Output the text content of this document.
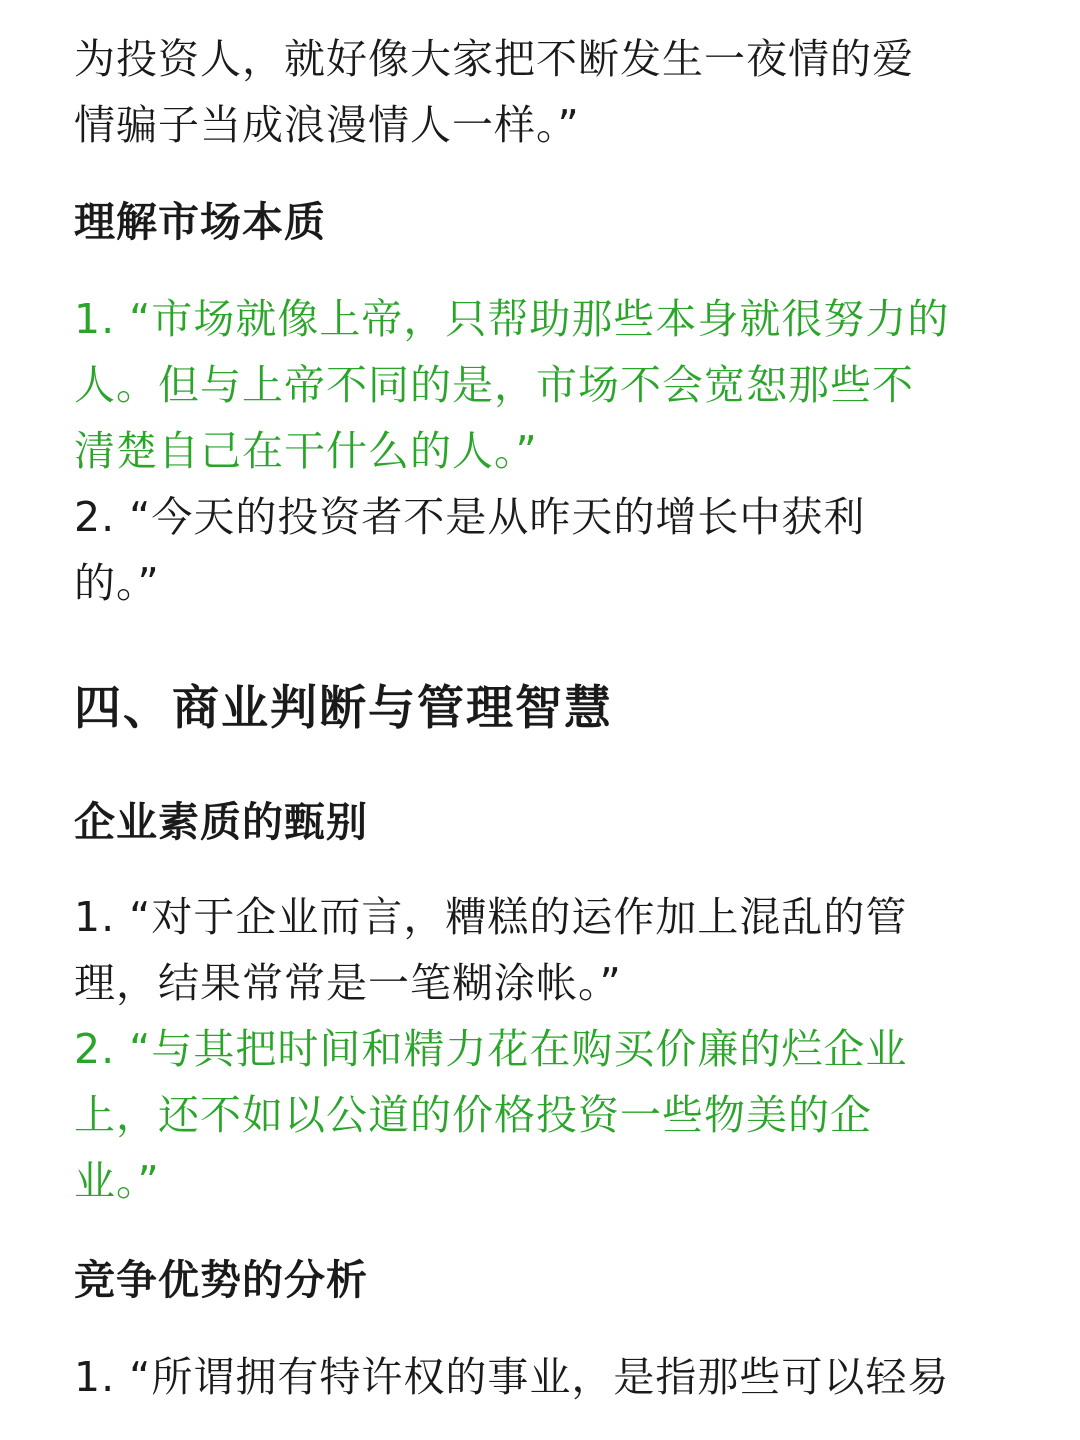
为投资人，就好像大家把不断发生一夜情的爱

情骗子当成浪漫情人一样。”

理解市场本质

1. “市场就像上帝，只帮助那些本身就很努力的

人。但与上帝不同的是，市场不会宽恕那些不

清楚自己在干什么的人。”

2. “今天的投资者不是从昨天的增长中获利

的。”

四、商业判断与管理智慧
企业素质的甄别

1. “对于企业而言，糟糕的运作加上混乱的管

理，结果常常是一笔糊涂帐。”

2. “与其把时间和精力花在购买价廉的烂企业

上，还不如以公道的价格投资一些物美的企

业。”

竞争优势的分析

1. “所谓拥有特许权的事业，是指那些可以轻易
